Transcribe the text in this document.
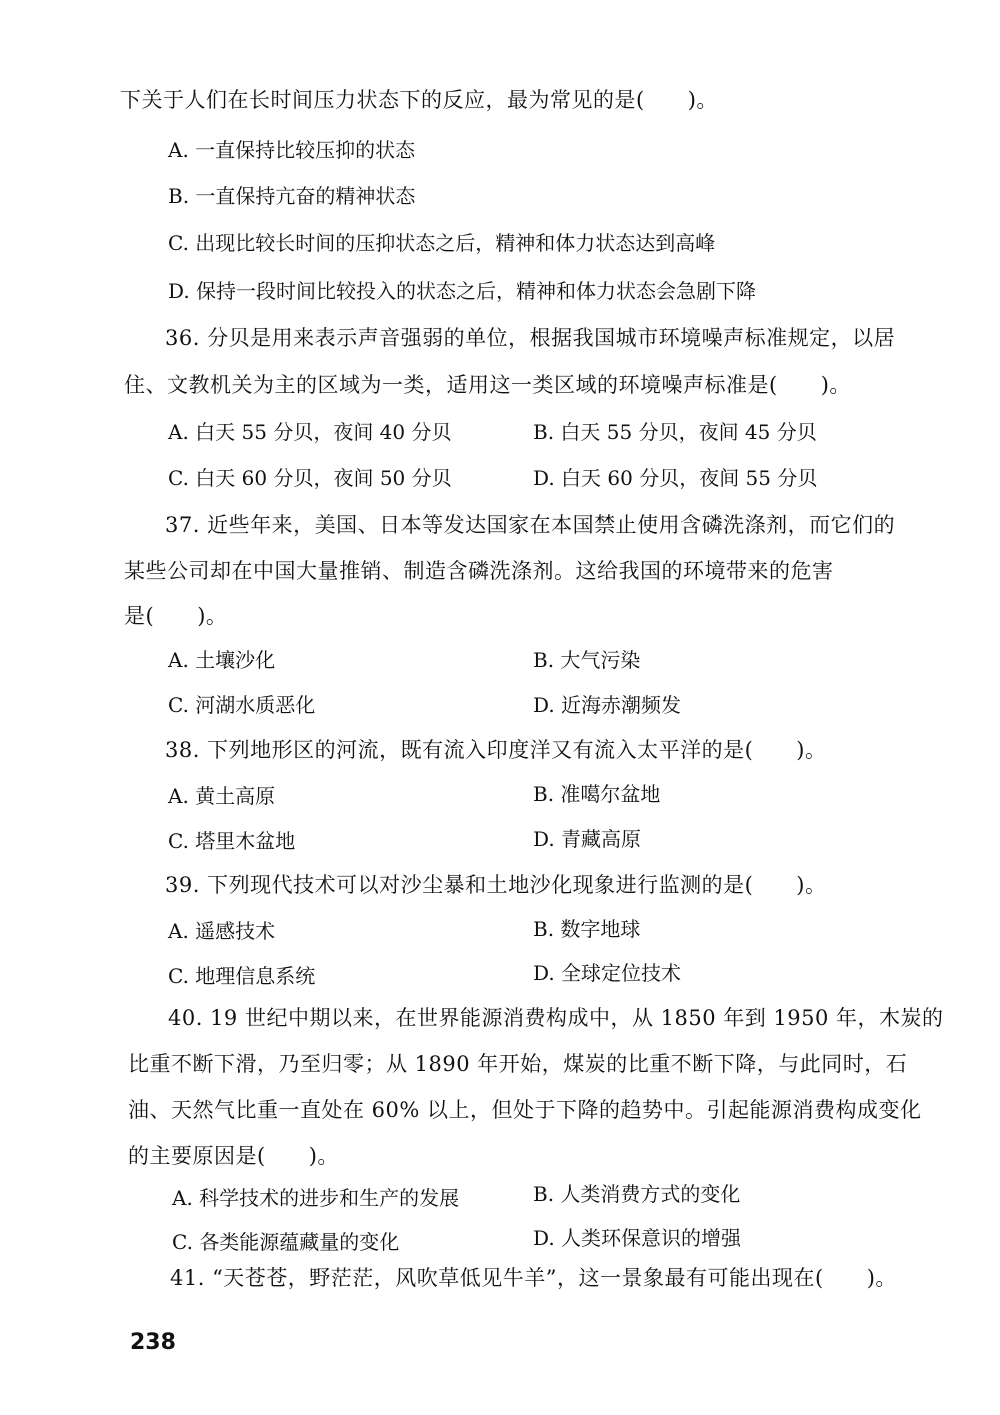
下关于人们在长时间压力状态下的反应，最为常见的是(　　)。
A. 一直保持比较压抑的状态
B. 一直保持亢奋的精神状态
C. 出现比较长时间的压抑状态之后，精神和体力状态达到高峰
D. 保持一段时间比较投入的状态之后，精神和体力状态会急剧下降
36. 分贝是用来表示声音强弱的单位，根据我国城市环境噪声标准规定，以居
住、文教机关为主的区域为一类，适用这一类区域的环境噪声标准是(　　)。
A. 白天 55 分贝，夜间 40 分贝	B. 白天 55 分贝，夜间 45 分贝
C. 白天 60 分贝，夜间 50 分贝	D. 白天 60 分贝，夜间 55 分贝
37. 近些年来，美国、日本等发达国家在本国禁止使用含磷洗涤剂，而它们的
某些公司却在中国大量推销、制造含磷洗涤剂。这给我国的环境带来的危害
是(　　)。
A. 土壤沙化	B. 大气污染
C. 河湖水质恶化	D. 近海赤潮频发
38. 下列地形区的河流，既有流入印度洋又有流入太平洋的是(　　)。
A. 黄土高原	B. 准噶尔盆地
C. 塔里木盆地	D. 青藏高原
39. 下列现代技术可以对沙尘暴和土地沙化现象进行监测的是(　　)。
A. 遥感技术	B. 数字地球
C. 地理信息系统	D. 全球定位技术
40. 19 世纪中期以来，在世界能源消费构成中，从 1850 年到 1950 年，木炭的
比重不断下滑，乃至归零；从 1890 年开始，煤炭的比重不断下降，与此同时，石
油、天然气比重一直处在 60% 以上，但处于下降的趋势中。引起能源消费构成变化
的主要原因是(　　)。
A. 科学技术的进步和生产的发展	B. 人类消费方式的变化
C. 各类能源蕴藏量的变化	D. 人类环保意识的增强
41. “天苍苍，野茫茫，风吹草低见牛羊”，这一景象最有可能出现在(　　)。
238
